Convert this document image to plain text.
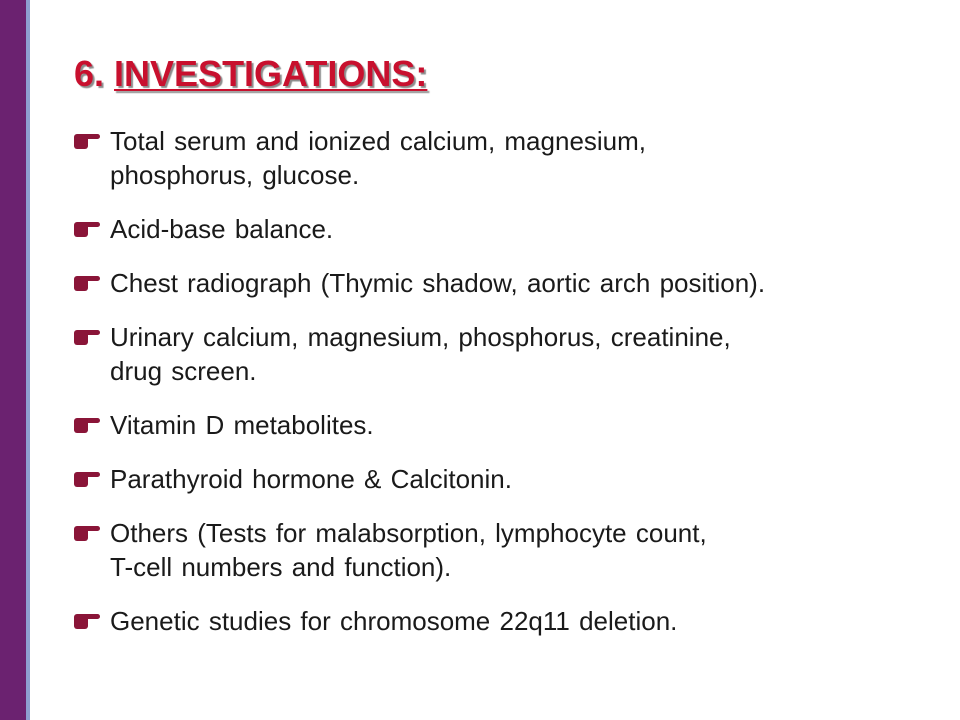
6. INVESTIGATIONS:
Total serum and ionized calcium, magnesium,
phosphorus, glucose.
Acid-base balance.
Chest radiograph (Thymic shadow, aortic arch position).
Urinary calcium, magnesium, phosphorus, creatinine,
drug screen.
Vitamin D metabolites.
Parathyroid hormone & Calcitonin.
Others (Tests for malabsorption, lymphocyte count,
T-cell numbers and function).
Genetic studies for chromosome 22q11 deletion.
